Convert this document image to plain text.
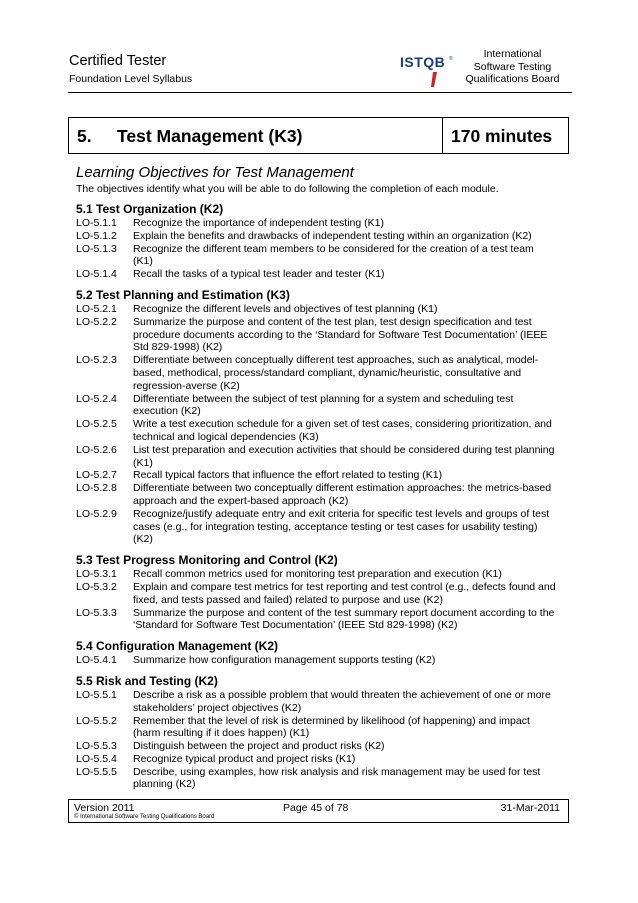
Certified Tester
Foundation Level Syllabus
ISTQB ®	International
Software Testing
Qualifications Board
5. Test Management (K3)	170 minutes
Learning Objectives for Test Management
The objectives identify what you will be able to do following the completion of each module.
5.1 Test Organization (K2)
LO-5.1.1	Recognize the importance of independent testing (K1)
LO-5.1.2	Explain the benefits and drawbacks of independent testing within an organization (K2)
LO-5.1.3	Recognize the different team members to be considered for the creation of a test team (K1)
LO-5.1.4	Recall the tasks of a typical test leader and tester (K1)
5.2 Test Planning and Estimation (K3)
LO-5.2.1	Recognize the different levels and objectives of test planning (K1)
LO-5.2.2	Summarize the purpose and content of the test plan, test design specification and test procedure documents according to the ‘Standard for Software Test Documentation’ (IEEE Std 829-1998) (K2)
LO-5.2.3	Differentiate between conceptually different test approaches, such as analytical, model-based, methodical, process/standard compliant, dynamic/heuristic, consultative and regression-averse (K2)
LO-5.2.4	Differentiate between the subject of test planning for a system and scheduling test execution (K2)
LO-5.2.5	Write a test execution schedule for a given set of test cases, considering prioritization, and technical and logical dependencies (K3)
LO-5.2.6	List test preparation and execution activities that should be considered during test planning (K1)
LO-5.2.7	Recall typical factors that influence the effort related to testing (K1)
LO-5.2.8	Differentiate between two conceptually different estimation approaches: the metrics-based approach and the expert-based approach (K2)
LO-5.2.9	Recognize/justify adequate entry and exit criteria for specific test levels and groups of test cases (e.g., for integration testing, acceptance testing or test cases for usability testing) (K2)
5.3 Test Progress Monitoring and Control (K2)
LO-5.3.1	Recall common metrics used for monitoring test preparation and execution (K1)
LO-5.3.2	Explain and compare test metrics for test reporting and test control (e.g., defects found and fixed, and tests passed and failed) related to purpose and use (K2)
LO-5.3.3	Summarize the purpose and content of the test summary report document according to the ‘Standard for Software Test Documentation’ (IEEE Std 829-1998) (K2)
5.4 Configuration Management (K2)
LO-5.4.1	Summarize how configuration management supports testing (K2)
5.5 Risk and Testing (K2)
LO-5.5.1	Describe a risk as a possible problem that would threaten the achievement of one or more stakeholders’ project objectives (K2)
LO-5.5.2	Remember that the level of risk is determined by likelihood (of happening) and impact (harm resulting if it does happen) (K1)
LO-5.5.3	Distinguish between the project and product risks (K2)
LO-5.5.4	Recognize typical product and project risks (K1)
LO-5.5.5	Describe, using examples, how risk analysis and risk management may be used for test planning (K2)
Version 2011	Page 45 of 78	31-Mar-2011
© International Software Testing Qualifications Board
